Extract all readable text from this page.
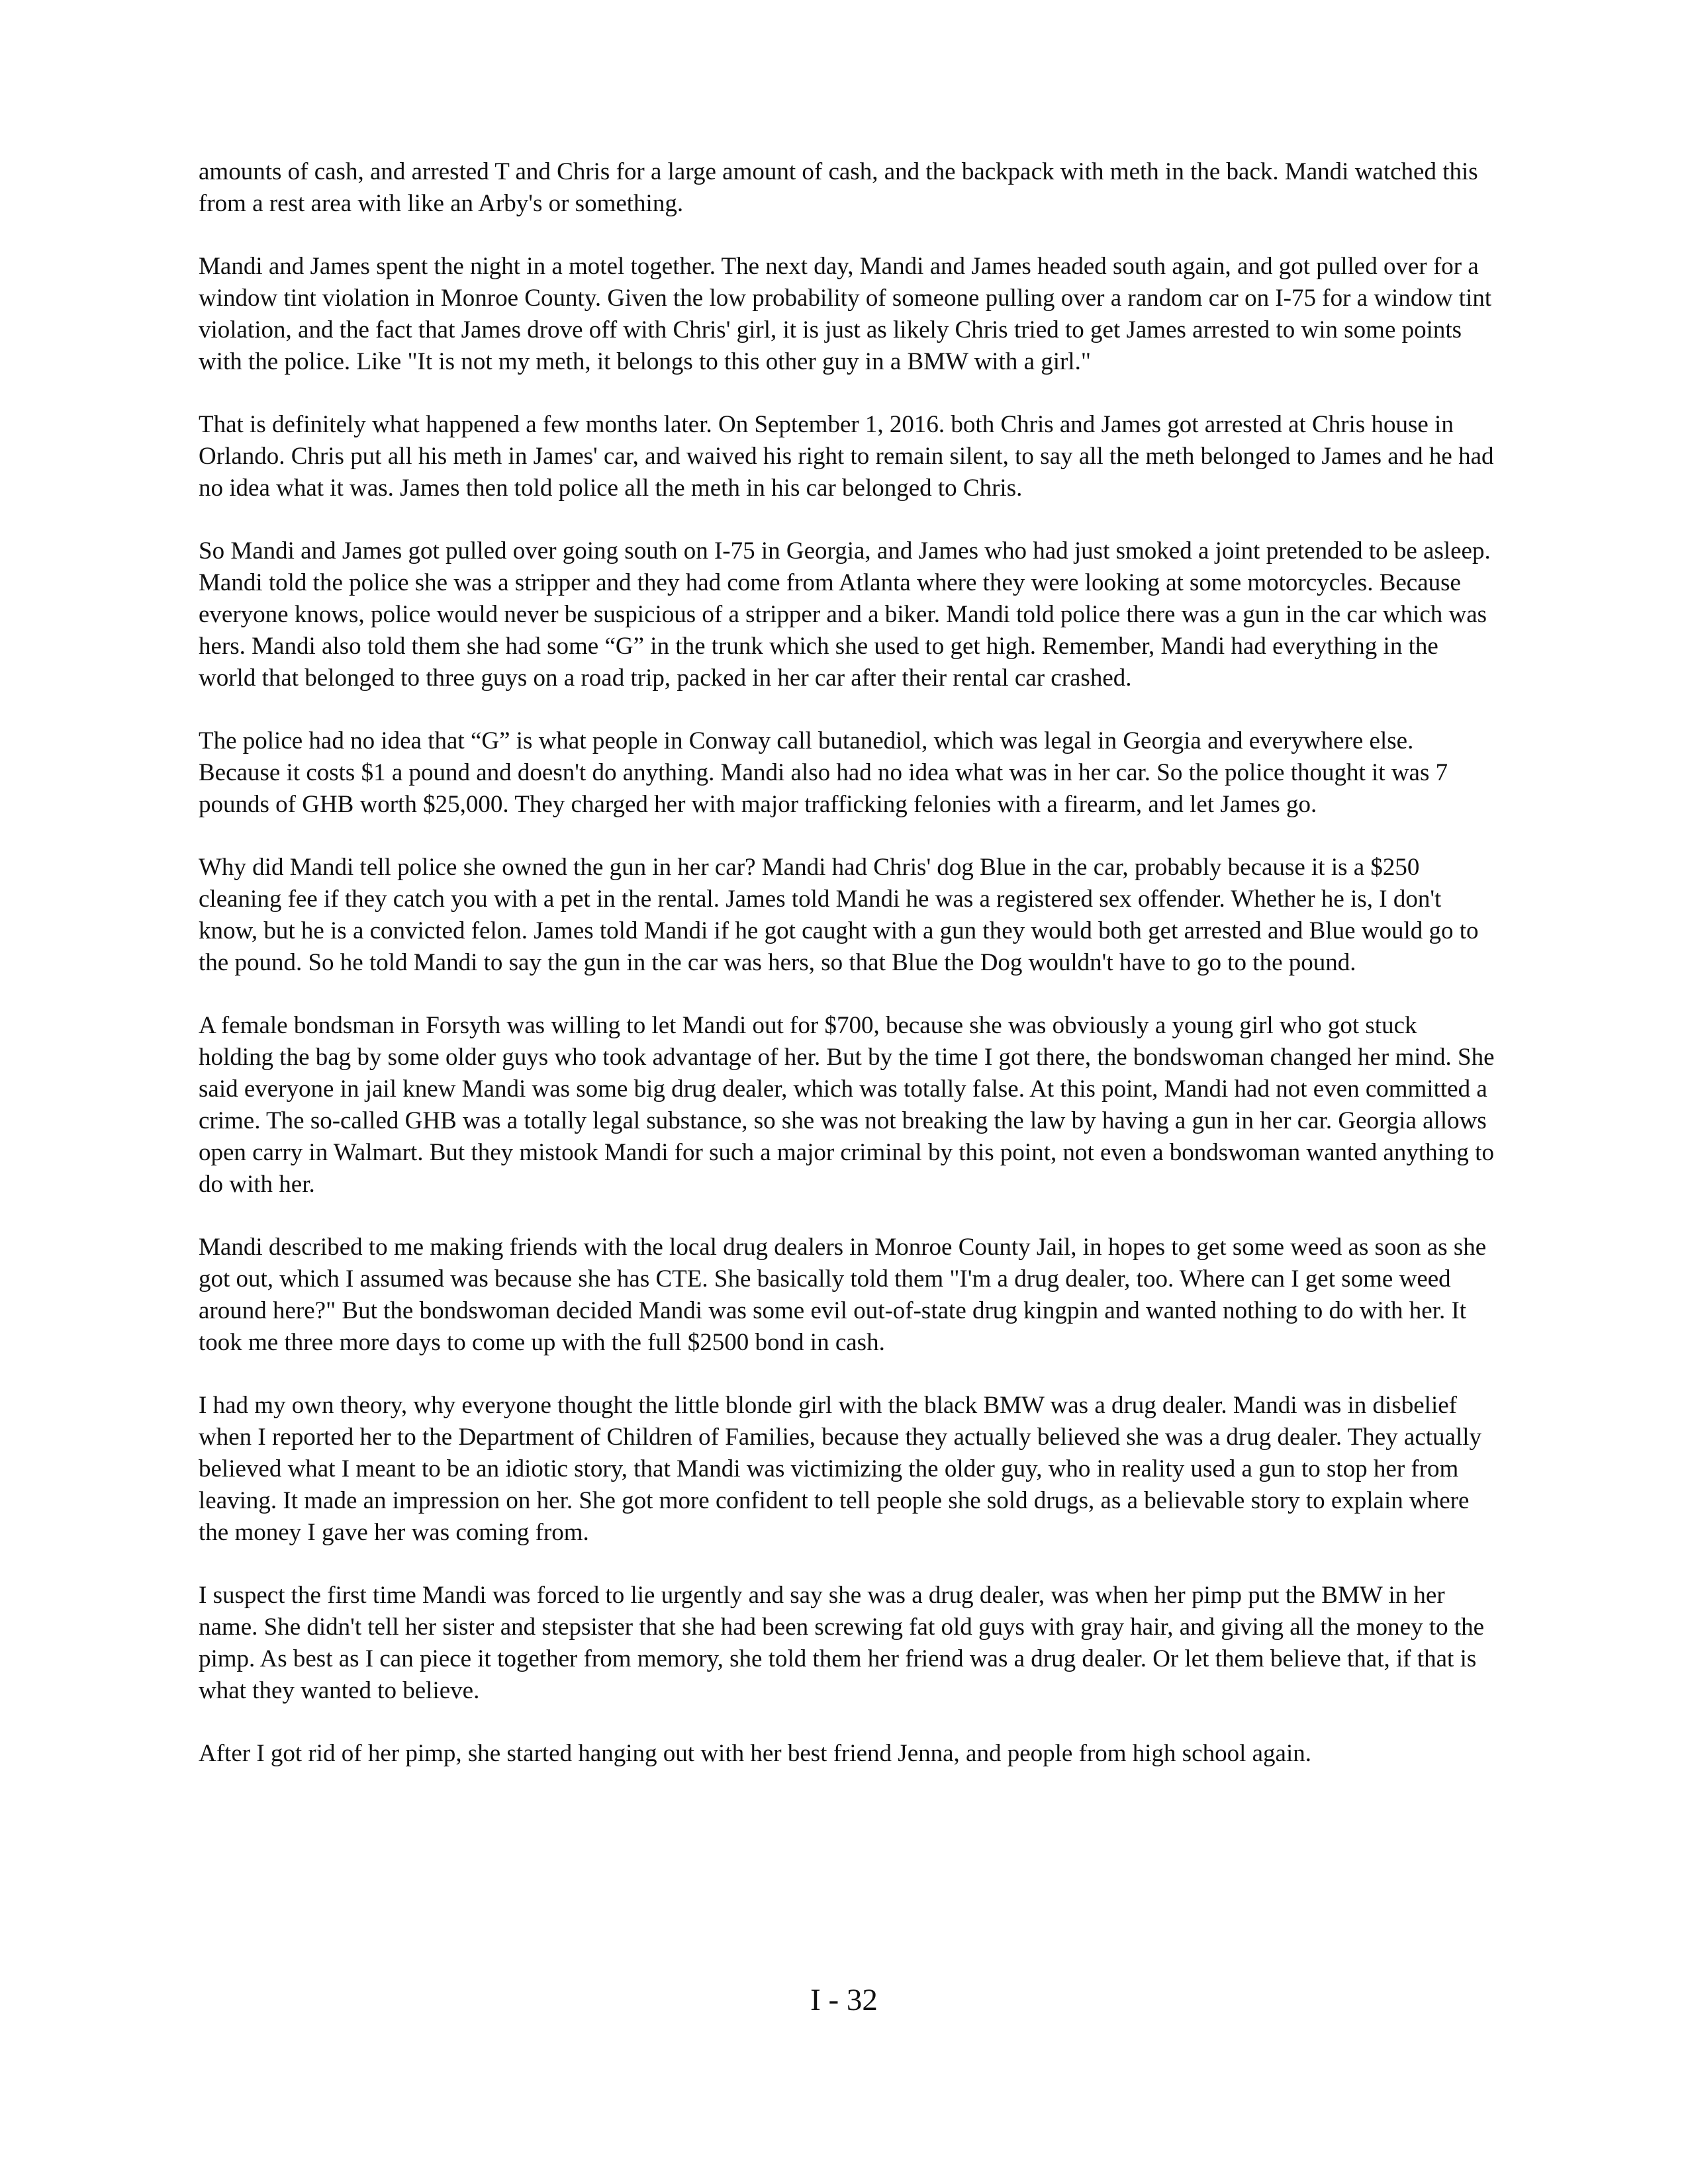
amounts of cash, and arrested T and Chris for a large amount of cash, and the backpack with meth in the back. Mandi watched this from a rest area with like an Arby's or something.

Mandi and James spent the night in a motel together. The next day, Mandi and James headed south again, and got pulled over for a window tint violation in Monroe County. Given the low probability of someone pulling over a random car on I-75 for a window tint violation, and the fact that James drove off with Chris' girl, it is just as likely Chris tried to get James arrested to win some points with the police. Like "It is not my meth, it belongs to this other guy in a BMW with a girl."

That is definitely what happened a few months later. On September 1, 2016. both Chris and James got arrested at Chris house in Orlando. Chris put all his meth in James' car, and waived his right to remain silent, to say all the meth belonged to James and he had no idea what it was. James then told police all the meth in his car belonged to Chris.

So Mandi and James got pulled over going south on I-75 in Georgia, and James who had just smoked a joint pretended to be asleep. Mandi told the police she was a stripper and they had come from Atlanta where they were looking at some motorcycles. Because everyone knows, police would never be suspicious of a stripper and a biker. Mandi told police there was a gun in the car which was hers. Mandi also told them she had some “G” in the trunk which she used to get high. Remember, Mandi had everything in the world that belonged to three guys on a road trip, packed in her car after their rental car crashed.

The police had no idea that “G” is what people in Conway call butanediol, which was legal in Georgia and everywhere else. Because it costs $1 a pound and doesn't do anything. Mandi also had no idea what was in her car. So the police thought it was 7 pounds of GHB worth $25,000. They charged her with major trafficking felonies with a firearm, and let James go.

Why did Mandi tell police she owned the gun in her car? Mandi had Chris' dog Blue in the car, probably because it is a $250 cleaning fee if they catch you with a pet in the rental. James told Mandi he was a registered sex offender. Whether he is, I don't know, but he is a convicted felon. James told Mandi if he got caught with a gun they would both get arrested and Blue would go to the pound. So he told Mandi to say the gun in the car was hers, so that Blue the Dog wouldn't have to go to the pound.

A female bondsman in Forsyth was willing to let Mandi out for $700, because she was obviously a young girl who got stuck holding the bag by some older guys who took advantage of her. But by the time I got there, the bondswoman changed her mind. She said everyone in jail knew Mandi was some big drug dealer, which was totally false. At this point, Mandi had not even committed a crime. The so-called GHB was a totally legal substance, so she was not breaking the law by having a gun in her car. Georgia allows open carry in Walmart. But they mistook Mandi for such a major criminal by this point, not even a bondswoman wanted anything to do with her.

Mandi described to me making friends with the local drug dealers in Monroe County Jail, in hopes to get some weed as soon as she got out, which I assumed was because she has CTE. She basically told them "I'm a drug dealer, too. Where can I get some weed around here?" But the bondswoman decided Mandi was some evil out-of-state drug kingpin and wanted nothing to do with her. It took me three more days to come up with the full $2500 bond in cash.

I had my own theory, why everyone thought the little blonde girl with the black BMW was a drug dealer. Mandi was in disbelief when I reported her to the Department of Children of Families, because they actually believed she was a drug dealer. They actually believed what I meant to be an idiotic story, that Mandi was victimizing the older guy, who in reality used a gun to stop her from leaving. It made an impression on her. She got more confident to tell people she sold drugs, as a believable story to explain where the money I gave her was coming from.

I suspect the first time Mandi was forced to lie urgently and say she was a drug dealer, was when her pimp put the BMW in her name. She didn't tell her sister and stepsister that she had been screwing fat old guys with gray hair, and giving all the money to the pimp. As best as I can piece it together from memory, she told them her friend was a drug dealer. Or let them believe that, if that is what they wanted to believe.

After I got rid of her pimp, she started hanging out with her best friend Jenna, and people from high school again.

I - 32
